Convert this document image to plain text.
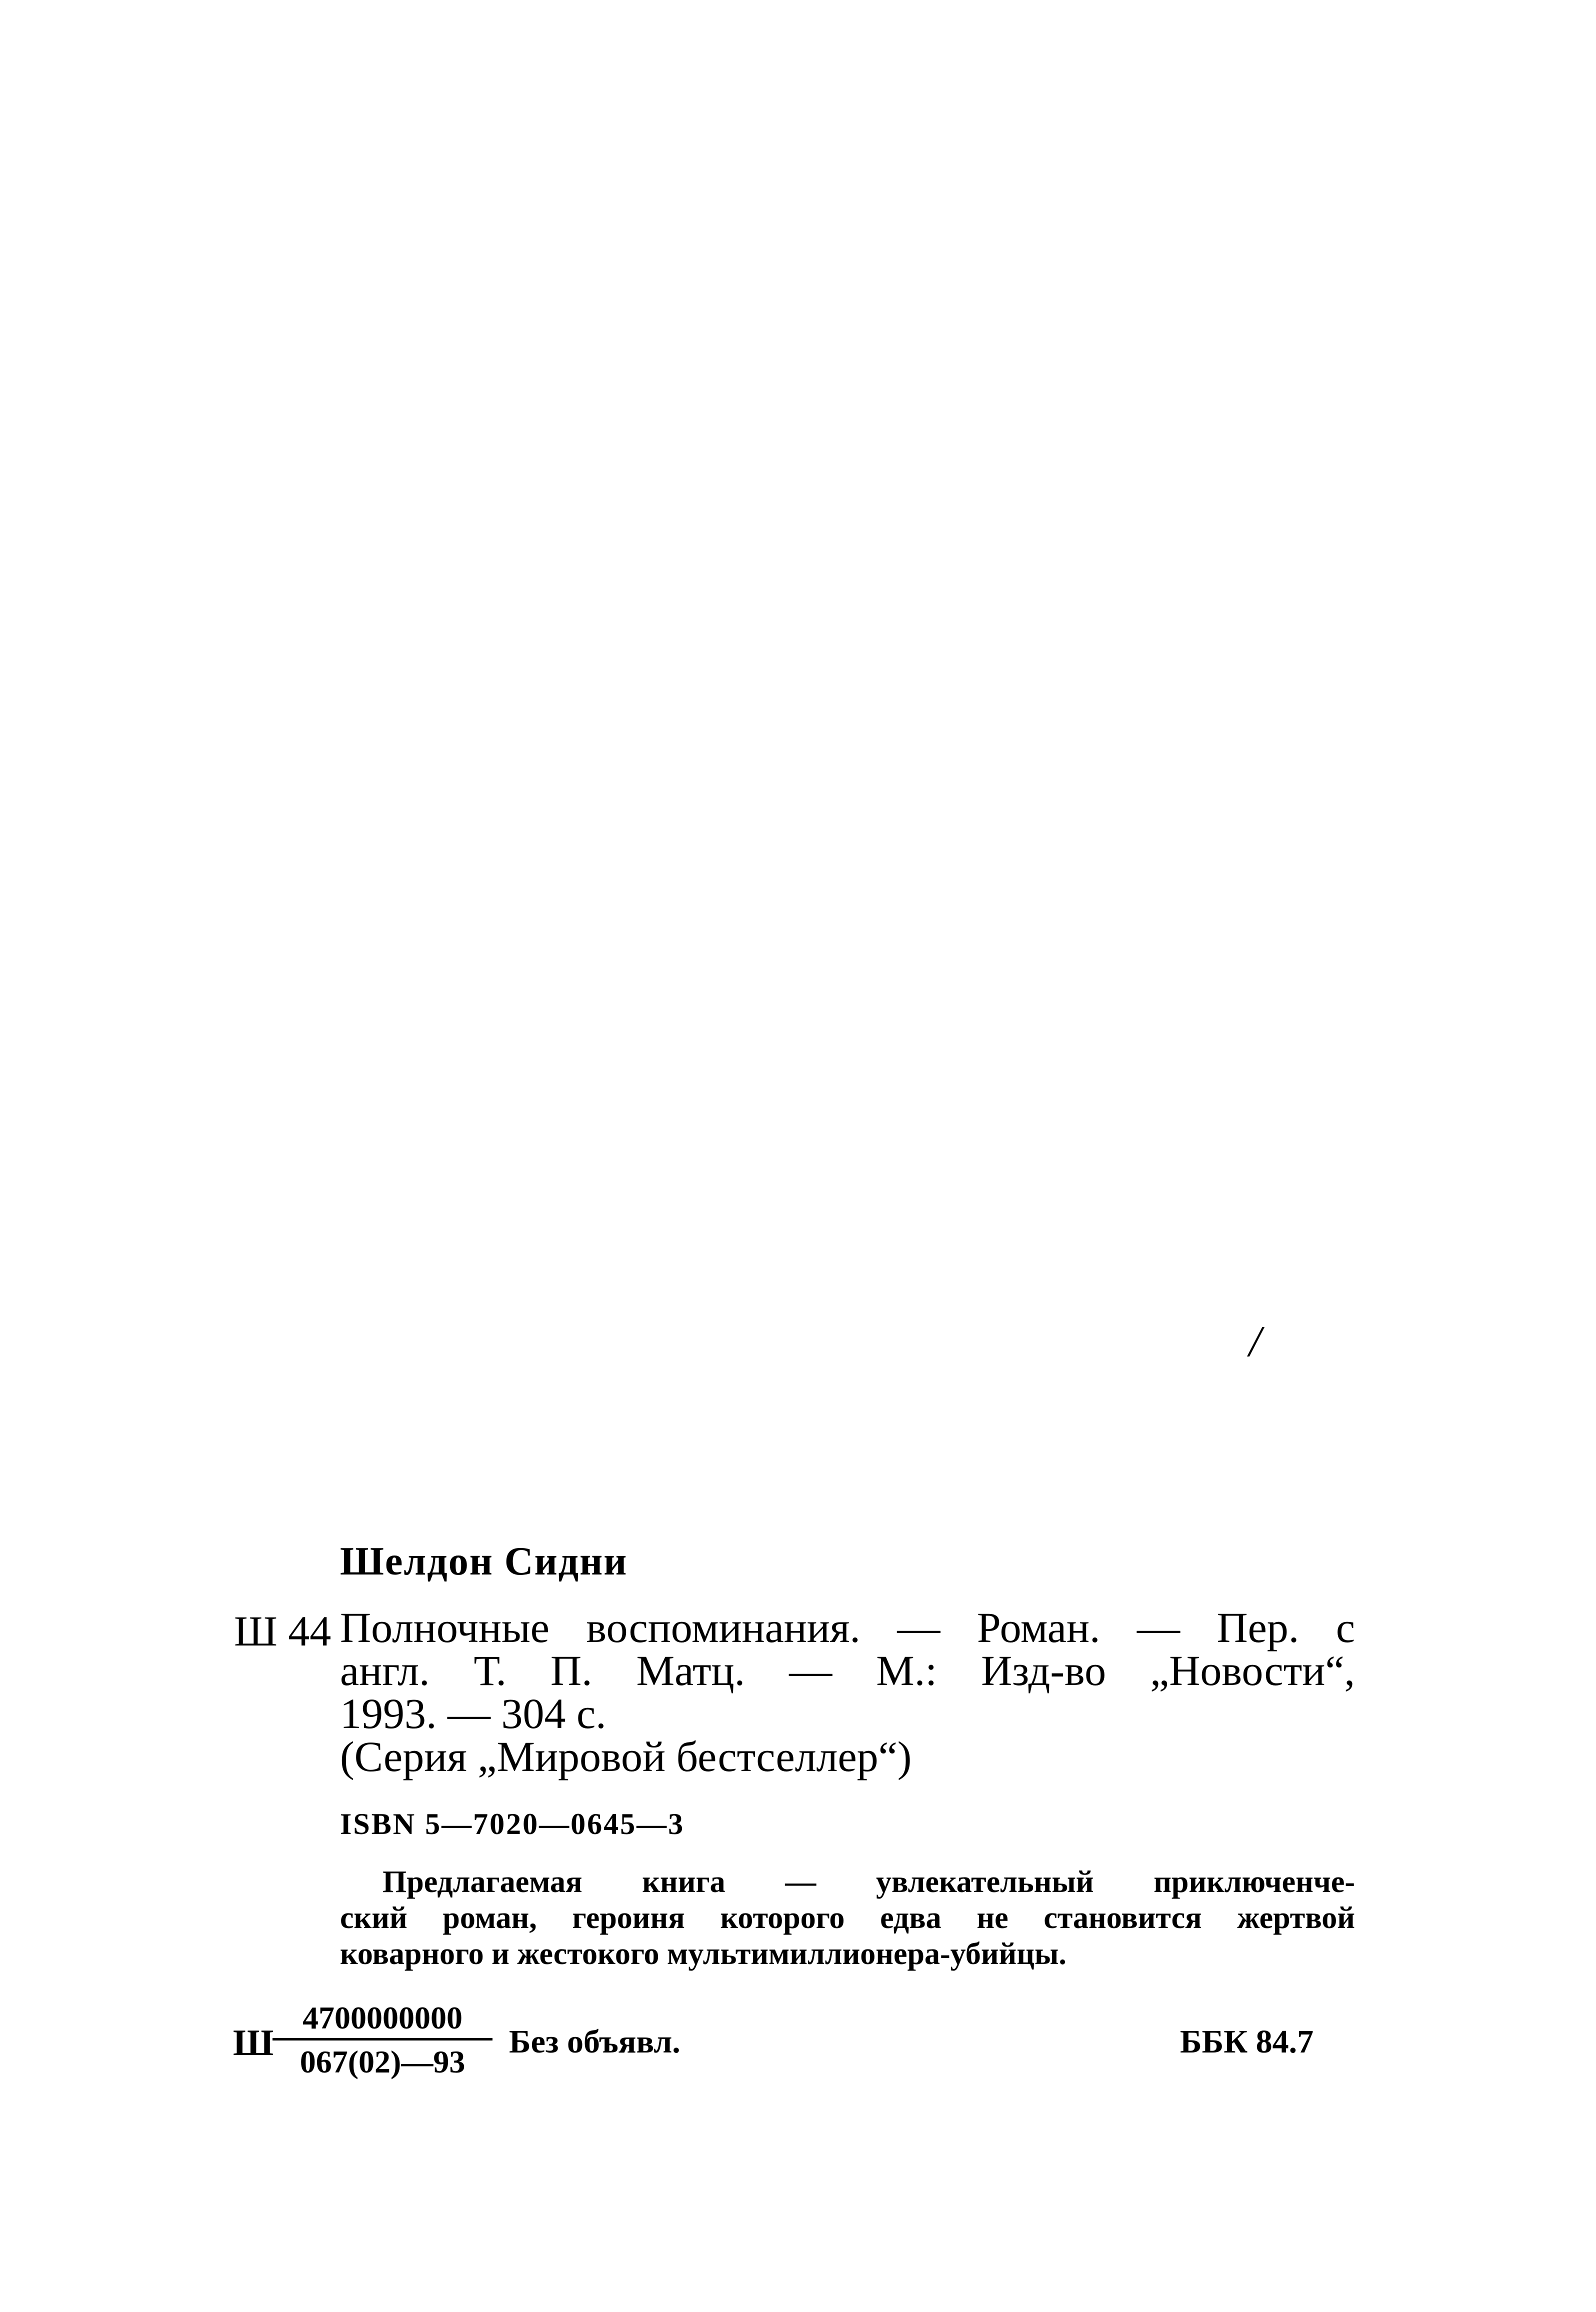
/
Шелдон Сидни
Ш 44 Полночные воспоминания. — Роман. — Пер. с
англ. Т. П. Матц. — М.: Изд-во „Новости“,
1993. — 304 с.
(Серия „Мировой бестселлер“)
ISBN 5—7020—0645—3
Предлагаемая книга — увлекательный приключенче-
ский роман, героиня которого едва не становится жертвой
коварного и жестокого мультимиллионера-убийцы.
Ш
$\frac{4700000000}{067(02)—93}$ Без объявл.	ББК 84.7
